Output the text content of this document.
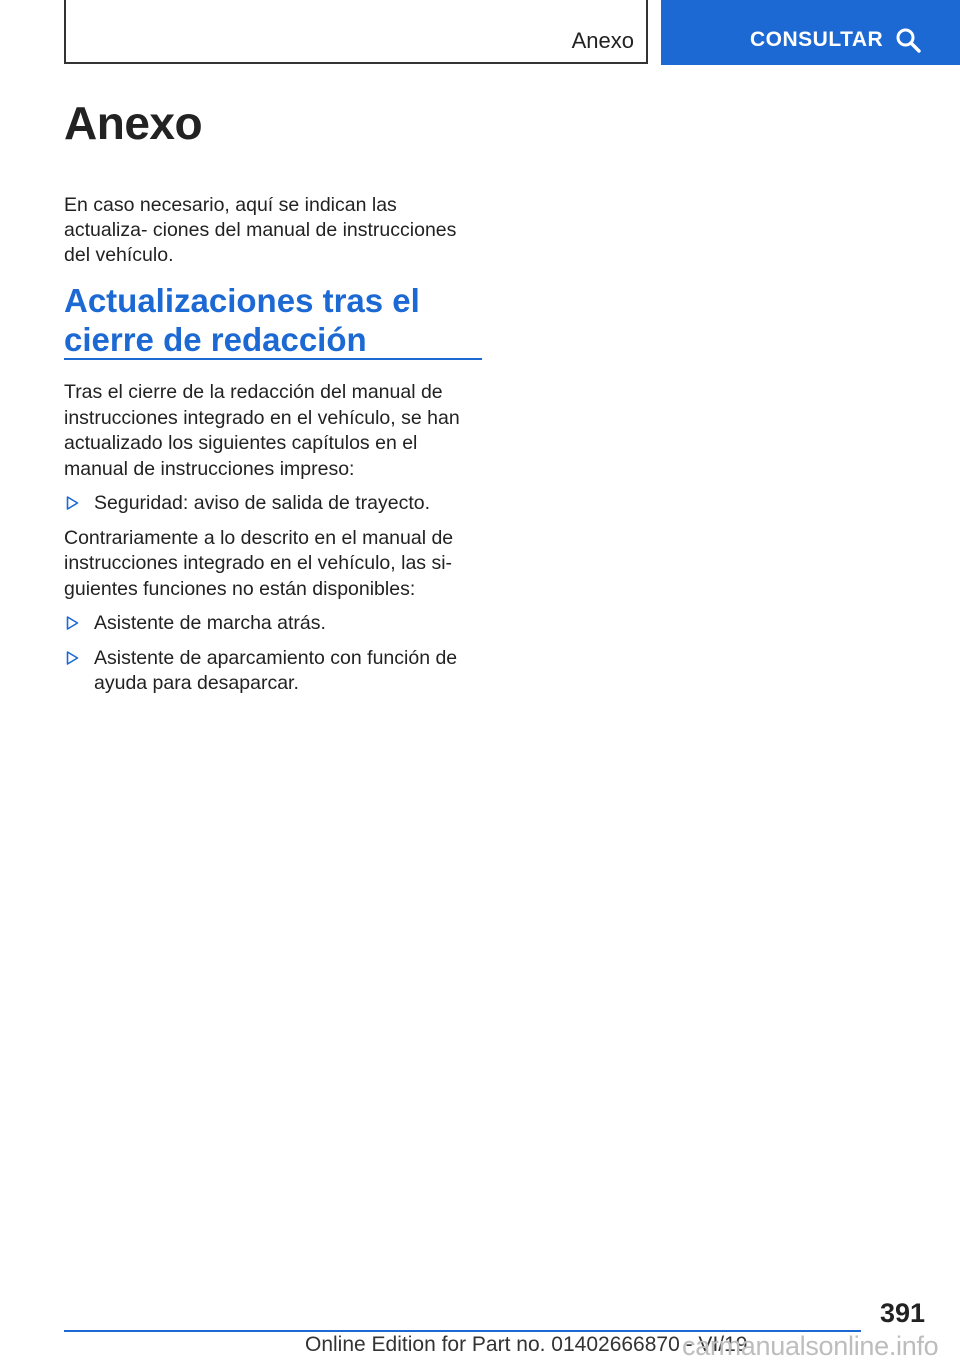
Anexo	CONSULTAR
Anexo

En caso necesario, aquí se indican las actualiza- ciones del manual de instrucciones del vehículo.

Actualizaciones tras el cierre de redacción

Tras el cierre de la redacción del manual de instrucciones integrado en el vehículo, se han actualizado los siguientes capítulos en el manual de instrucciones impreso:

Seguridad: aviso de salida de trayecto.

Contrariamente a lo descrito en el manual de instrucciones integrado en el vehículo, las si- guientes funciones no están disponibles:

Asistente de marcha atrás.
Asistente de aparcamiento con función de ayuda para desaparcar.
391
Online Edition for Part no. 01402666870 - VI/19
carmanualsonline.info
